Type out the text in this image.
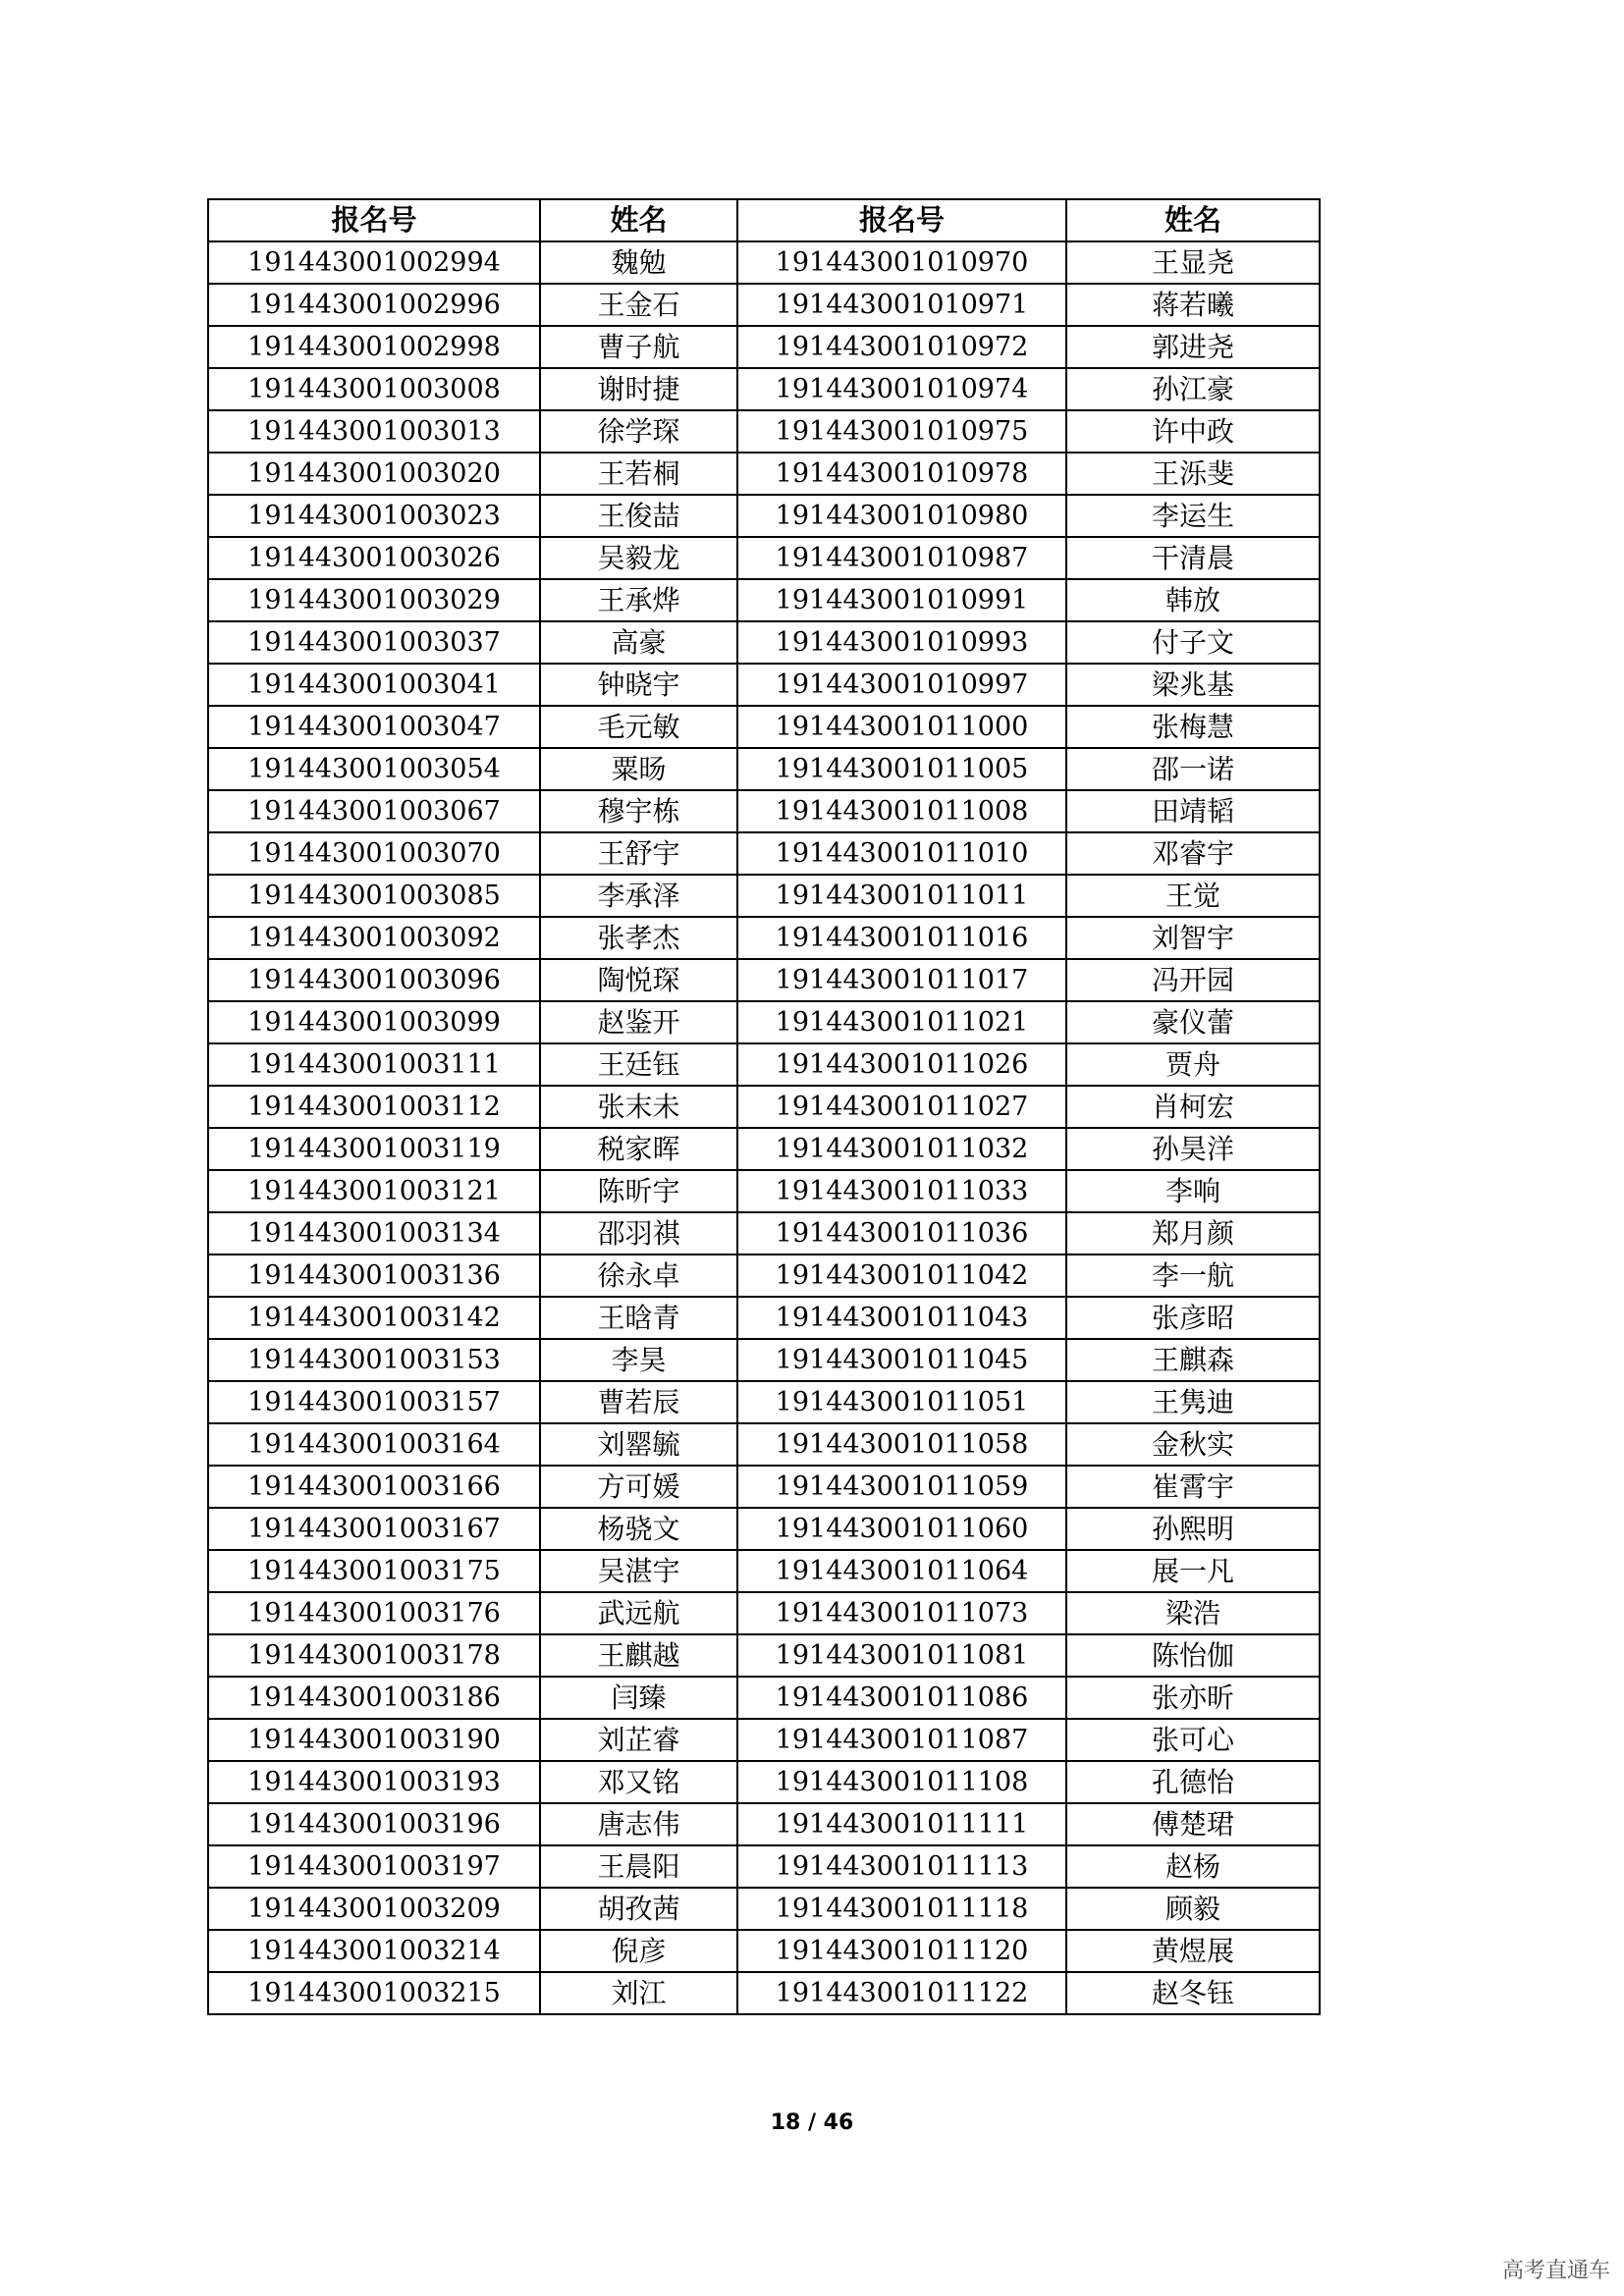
报名号	姓名	报名号	姓名
191443001002994	魏勉	191443001010970	王显尧
191443001002996	王金石	191443001010971	蒋若曦
191443001002998	曹子航	191443001010972	郭进尧
191443001003008	谢时捷	191443001010974	孙江豪
191443001003013	徐学琛	191443001010975	许中政
191443001003020	王若桐	191443001010978	王泺斐
191443001003023	王俊喆	191443001010980	李运生
191443001003026	吴毅龙	191443001010987	干清晨
191443001003029	王承烨	191443001010991	韩放
191443001003037	高豪	191443001010993	付子文
191443001003041	钟晓宇	191443001010997	梁兆基
191443001003047	毛元敏	191443001011000	张梅慧
191443001003054	粟旸	191443001011005	邵一诺
191443001003067	穆宇栋	191443001011008	田靖韬
191443001003070	王舒宇	191443001011010	邓睿宇
191443001003085	李承泽	191443001011011	王觉
191443001003092	张孝杰	191443001011016	刘智宇
191443001003096	陶悦琛	191443001011017	冯开园
191443001003099	赵鉴开	191443001011021	豪仪蕾
191443001003111	王廷钰	191443001011026	贾舟
191443001003112	张末未	191443001011027	肖柯宏
191443001003119	税家晖	191443001011032	孙昊洋
191443001003121	陈昕宇	191443001011033	李响
191443001003134	邵羽祺	191443001011036	郑月颜
191443001003136	徐永卓	191443001011042	李一航
191443001003142	王晗青	191443001011043	张彦昭
191443001003153	李昊	191443001011045	王麒森
191443001003157	曹若辰	191443001011051	王隽迪
191443001003164	刘罂毓	191443001011058	金秋实
191443001003166	方可媛	191443001011059	崔霄宇
191443001003167	杨骁文	191443001011060	孙熙明
191443001003175	吴湛宇	191443001011064	展一凡
191443001003176	武远航	191443001011073	梁浩
191443001003178	王麒越	191443001011081	陈怡伽
191443001003186	闫臻	191443001011086	张亦昕
191443001003190	刘芷睿	191443001011087	张可心
191443001003193	邓又铭	191443001011108	孔德怡
191443001003196	唐志伟	191443001011111	傅楚珺
191443001003197	王晨阳	191443001011113	赵杨
191443001003209	胡孜茜	191443001011118	顾毅
191443001003214	倪彦	191443001011120	黄煜展
191443001003215	刘江	191443001011122	赵冬钰
18 / 46
高考直通车
